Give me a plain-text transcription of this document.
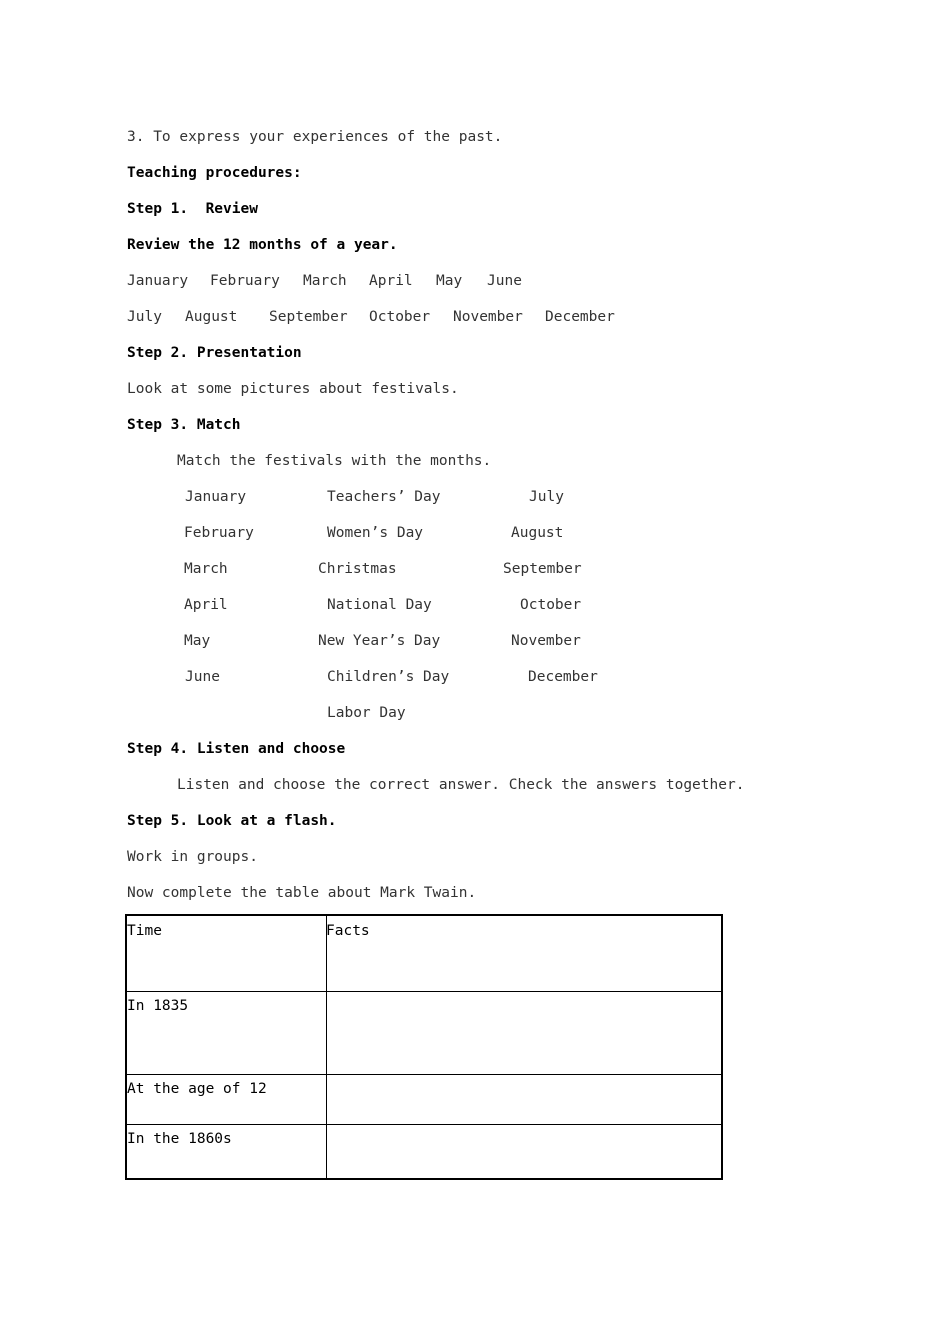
3. To express your experiences of the past.
Teaching procedures:
Step 1.  Review
Review the 12 months of a year.
January February March April May June
July August September October November December
Step 2. Presentation
Look at some pictures about festivals.
Step 3. Match
Match the festivals with the months.
January
February
March
April
May
June
Teachers’ Day
Women’s Day
Christmas
National Day
New Year’s Day
Children’s Day
Labor Day
July
August
September
October
November
December
Step 4. Listen and choose
Listen and choose the correct answer. Check the answers together.
Step 5. Look at a flash.
Work in groups.
Now complete the table about Mark Twain.
Time	Facts
In 1835
At the age of 12
In the 1860s
